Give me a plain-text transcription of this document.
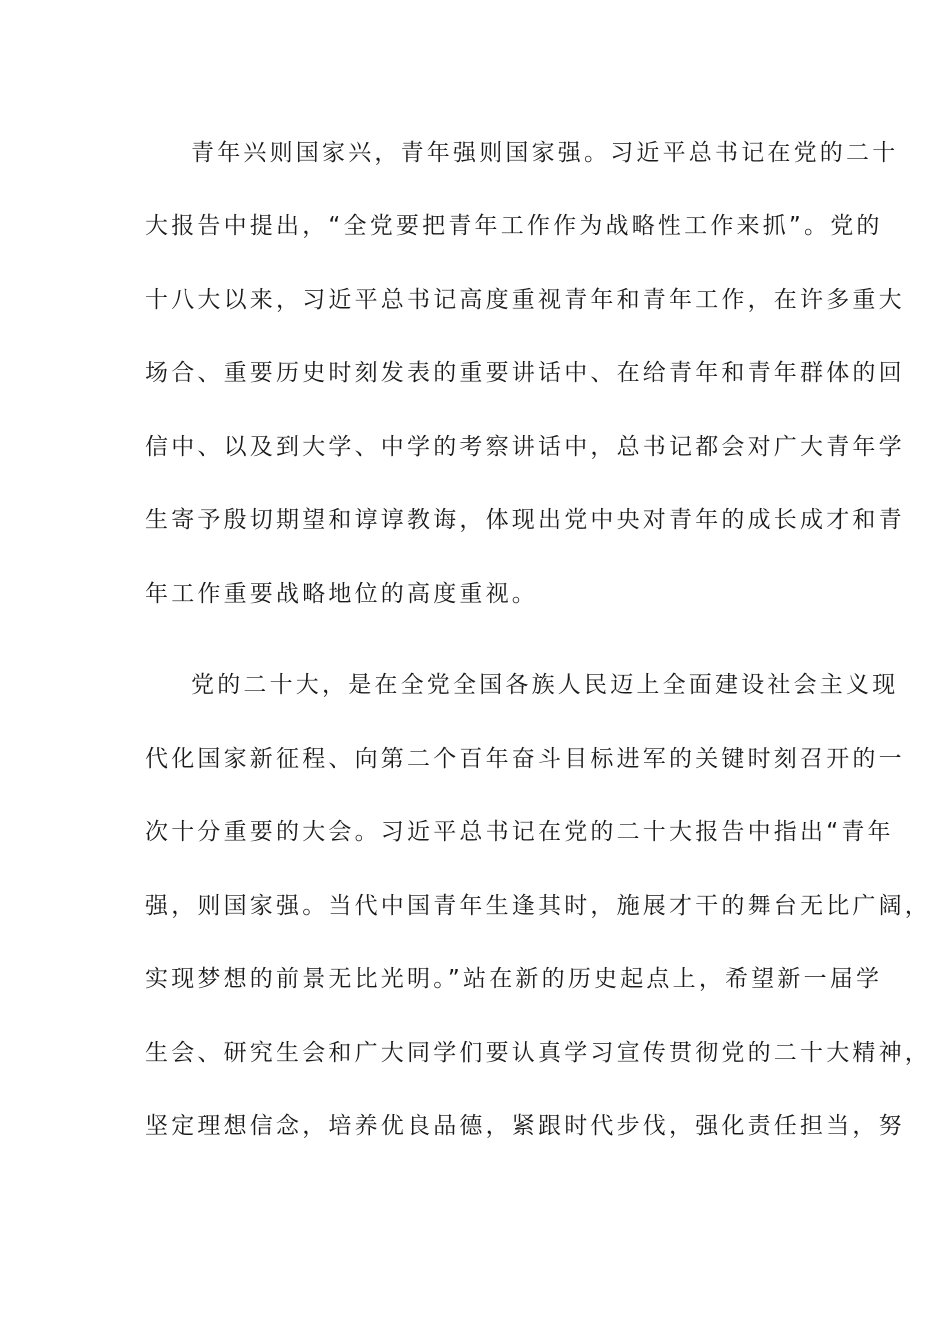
青年兴则国家兴，青年强则国家强。习近平总书记在党的二十
大报告中提出，“全党要把青年工作作为战略性工作来抓”。党的
十八大以来，习近平总书记高度重视青年和青年工作，在许多重大
场合、重要历史时刻发表的重要讲话中、在给青年和青年群体的回
信中、以及到大学、中学的考察讲话中，总书记都会对广大青年学
生寄予殷切期望和谆谆教诲，体现出党中央对青年的成长成才和青
年工作重要战略地位的高度重视。
党的二十大，是在全党全国各族人民迈上全面建设社会主义现
代化国家新征程、向第二个百年奋斗目标进军的关键时刻召开的一
次十分重要的大会。习近平总书记在党的二十大报告中指出“青年
强，则国家强。当代中国青年生逢其时，施展才干的舞台无比广阔，
实现梦想的前景无比光明。”站在新的历史起点上，希望新一届学
生会、研究生会和广大同学们要认真学习宣传贯彻党的二十大精神，
坚定理想信念，培养优良品德，紧跟时代步伐，强化责任担当，努
